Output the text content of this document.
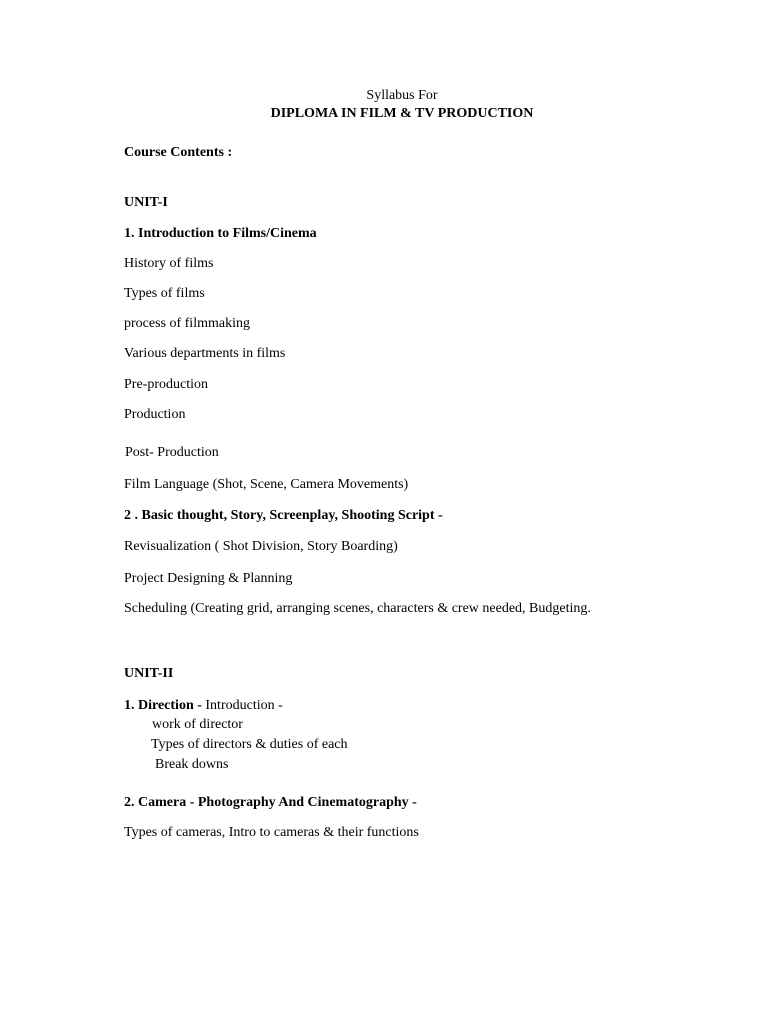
Syllabus For
DIPLOMA IN FILM & TV PRODUCTION
Course Contents :
UNIT-I
1. Introduction to Films/Cinema
History of films
Types of films
process of filmmaking
Various departments in films
Pre-production
Production
Post- Production
Film Language (Shot, Scene, Camera Movements)
2 . Basic thought, Story, Screenplay, Shooting Script -
Revisualization ( Shot Division, Story Boarding)
Project Designing & Planning
Scheduling (Creating grid, arranging scenes, characters & crew needed, Budgeting.
UNIT-II
1. Direction - Introduction -
work of director
Types of directors & duties of each
Break downs
2. Camera - Photography And Cinematography -
Types of cameras, Intro to cameras & their functions
